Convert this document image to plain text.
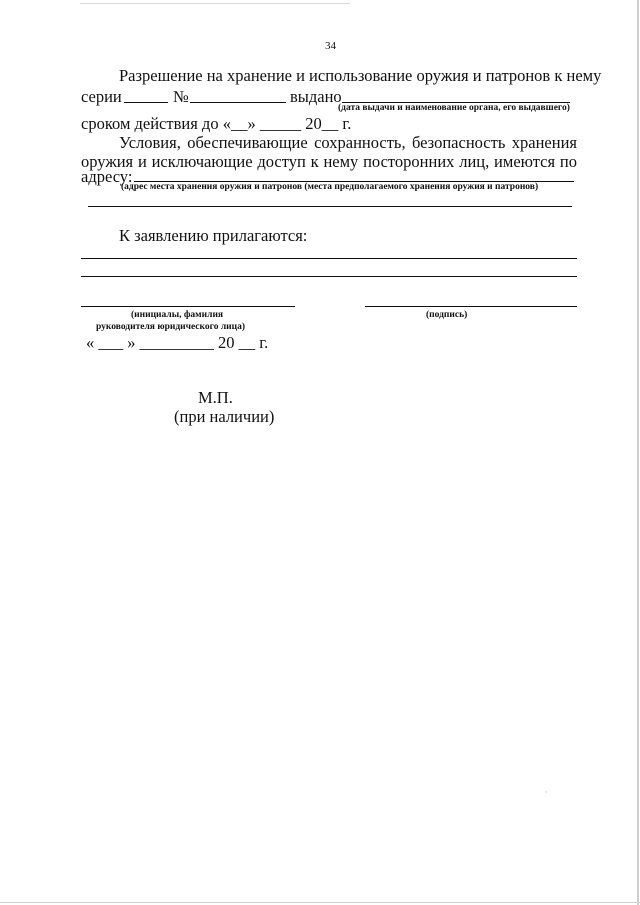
34
Разрешение на хранение и использование оружия и патронов к нему
серии	№	выдано
(дата выдачи и наименование органа, его выдавшего)
сроком действия до «__» _____ 20__ г.
Условия, обеспечивающие сохранность, безопасность хранения
оружия и исключающие доступ к нему посторонних лиц, имеются по
адресу:
(адрес места хранения оружия и патронов (места предполагаемого хранения оружия и патронов)
К заявлению прилагаются:
(инициалы, фамилия
руководителя юридического лица)
(подпись)
« ___ » _________ 20 __ г.
М.П.
(при наличии)
·
